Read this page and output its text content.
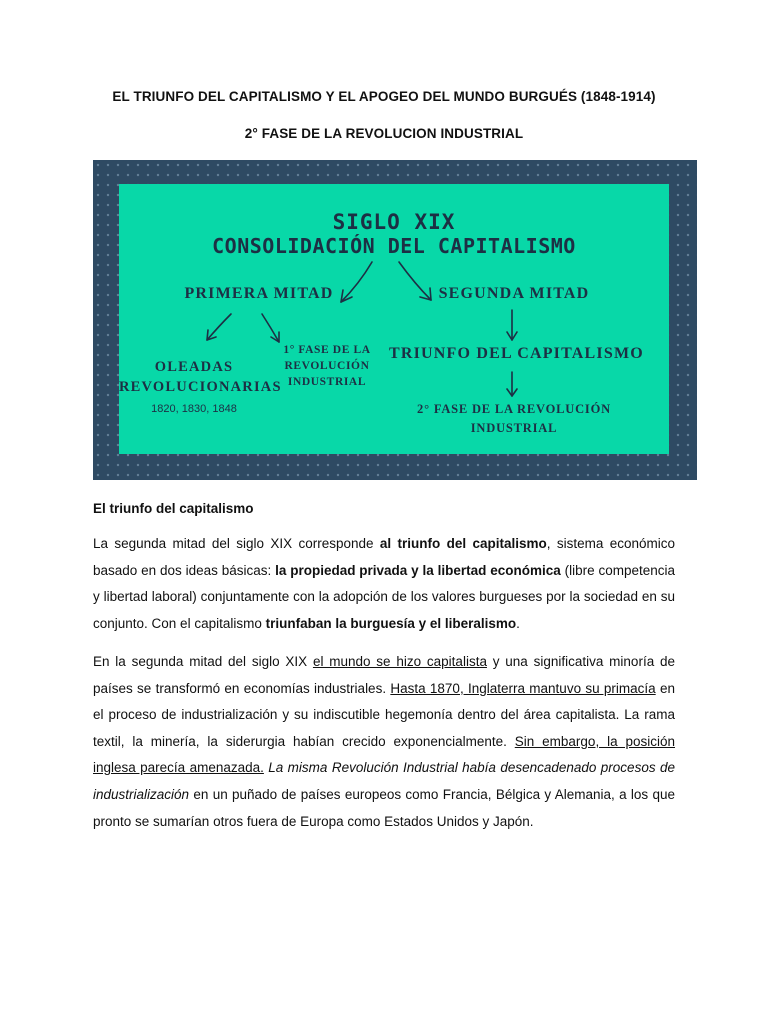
EL TRIUNFO DEL CAPITALISMO Y EL APOGEO DEL MUNDO BURGUÉS (1848-1914)
2° FASE DE LA REVOLUCION INDUSTRIAL
SIGLO XIX
CONSOLIDACIÓN DEL CAPITALISMO
PRIMERA MITAD	SEGUNDA MITAD
OLEADAS
REVOLUCIONARIAS
1820, 1830, 1848
1° FASE DE LA
REVOLUCIÓN
INDUSTRIAL
TRIUNFO DEL CAPITALISMO
2° FASE DE LA REVOLUCIÓN
INDUSTRIAL
El triunfo del capitalismo
La segunda mitad del siglo XIX corresponde al triunfo del capitalismo, sistema económico basado en dos ideas básicas: la propiedad privada y la libertad económica (libre competencia y libertad laboral) conjuntamente con la adopción de los valores burgueses por la sociedad en su conjunto. Con el capitalismo triunfaban la burguesía y el liberalismo.
En la segunda mitad del siglo XIX el mundo se hizo capitalista y una significativa minoría de países se transformó en economías industriales. Hasta 1870, Inglaterra mantuvo su primacía en el proceso de industrialización y su indiscutible hegemonía dentro del área capitalista. La rama textil, la minería, la siderurgia habían crecido exponencialmente. Sin embargo, la posición inglesa parecía amenazada. La misma Revolución Industrial había desencadenado procesos de industrialización en un puñado de países europeos como Francia, Bélgica y Alemania, a los que pronto se sumarían otros fuera de Europa como Estados Unidos y Japón.
